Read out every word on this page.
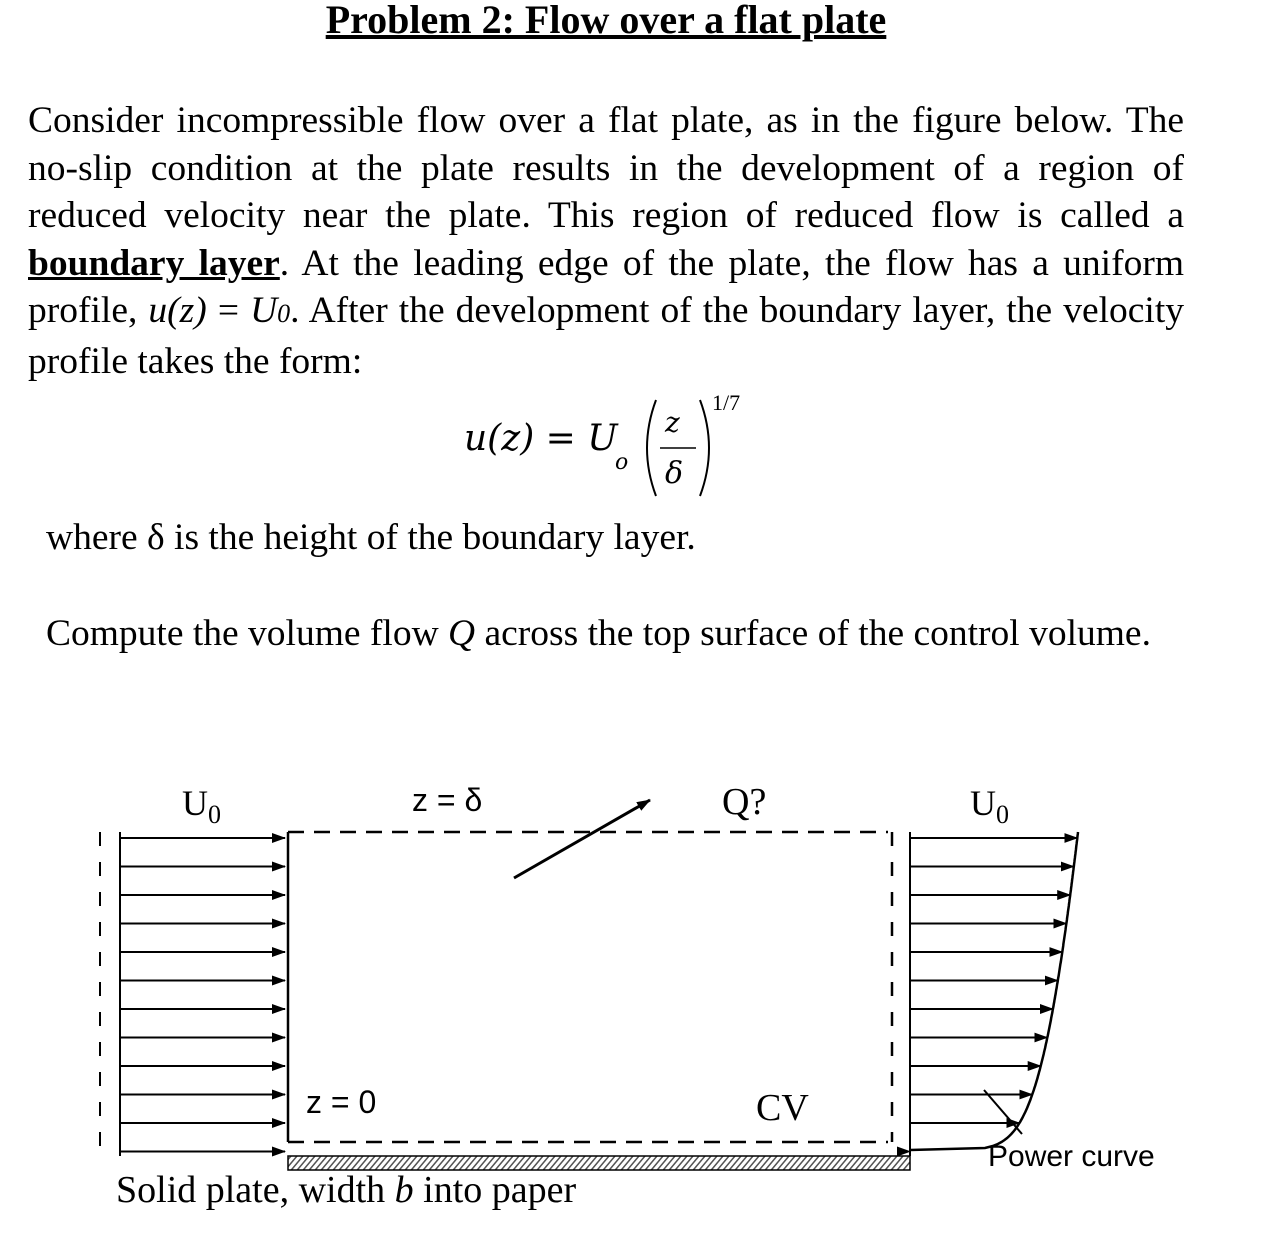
Problem 2: Flow over a flat plate
Consider incompressible flow over a flat plate, as in the figure below. The no-slip condition at the plate results in the development of a region of reduced velocity near the plate. This region of reduced flow is called a boundary layer. At the leading edge of the plate, the flow has a uniform profile, u(z) = U0. After the development of the boundary layer, the velocity profile takes the form:
u(z) = U
o
z
δ
1/7
where δ is the height of the boundary layer.
Compute the volume flow Q across the top surface of the control volume.
$U_0$	z = δ	Q?	$U_0$
z = 0	CV
Power curve
Solid plate, width b into paper
